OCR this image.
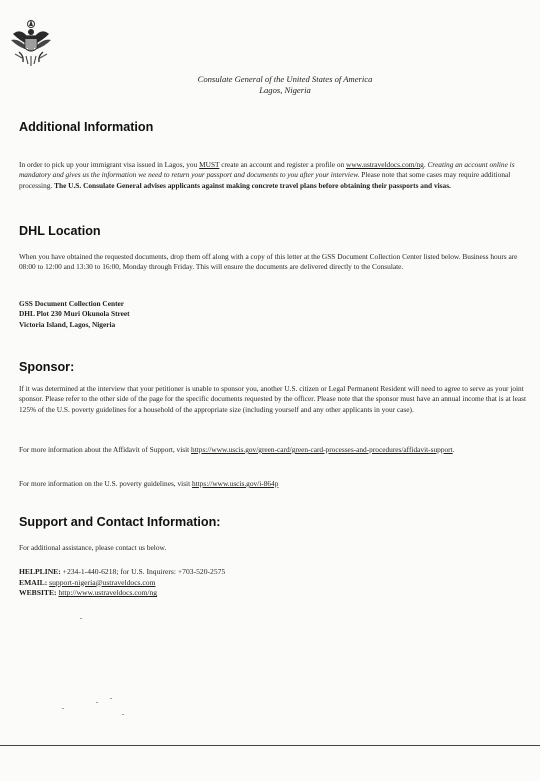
Consulate General of the United States of America
Lagos, Nigeria
Additional Information

In order to pick up your immigrant visa issued in Lagos, you MUST create an account and register a profile on www.ustraveldocs.com/ng. Creating an account online is mandatory and gives us the information we need to return your passport and documents to you after your interview. Please note that some cases may require additional processing. The U.S. Consulate General advises applicants against making concrete travel plans before obtaining their passports and visas.

DHL Location

When you have obtained the requested documents, drop them off along with a copy of this letter at the GSS Document Collection Center listed below. Business hours are 08:00 to 12:00 and 13:30 to 16:00, Monday through Friday. This will ensure the documents are delivered directly to the Consulate.

GSS Document Collection Center

DHL Plot 230 Muri Okunola Street

Victoria Island, Lagos, Nigeria

Sponsor:

If it was determined at the interview that your petitioner is unable to sponsor you, another U.S. citizen or Legal Permanent Resident will need to agree to serve as your joint sponsor. Please refer to the other side of the page for the specific documents requested by the officer. Please note that the sponsor must have an annual income that is at least 125% of the U.S. poverty guidelines for a household of the appropriate size (including yourself and any other applicants in your case).

For more information about the Affidavit of Support, visit https://www.uscis.gov/green-card/green-card-processes-and-procedures/affidavit-support.

For more information on the U.S. poverty guidelines, visit https://www.uscis.gov/i-864p

Support and Contact Information:

For additional assistance, please contact us below.

HELPLINE: +234-1-440-6218; for U.S. Inquirers: +703-520-2575

EMAIL: support-nigeria@ustraveldocs.com

WEBSITE: http://www.ustraveldocs.com/ng
